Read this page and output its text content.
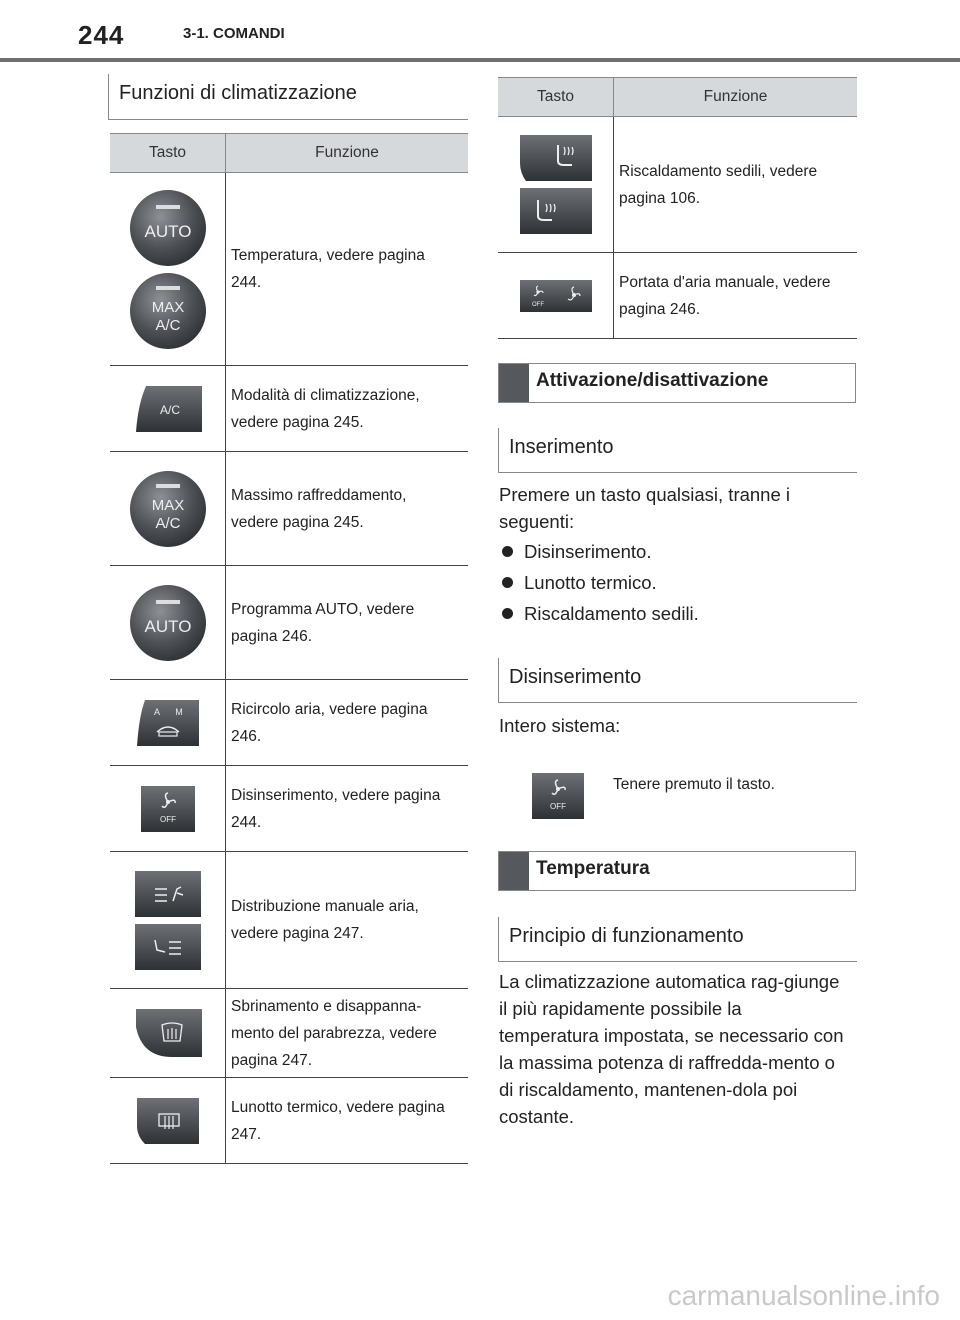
244	3-1. COMANDI
Funzioni di climatizzazione
Tasto	Funzione

AUTO
MAX
A/C	Temperatura, vedere pagina 244.

A/C	Modalità di climatizzazione, vedere pagina 245.

MAX
A/C	Massimo raffreddamento, vedere pagina 245.

AUTO	Programma AUTO, vedere pagina 246.

A M	Ricircolo aria, vedere pagina 246.

OFF	Disinserimento, vedere pagina 244.

	Distribuzione manuale aria, vedere pagina 247.

	Sbrinamento e disappanna-mento del parabrezza, vedere pagina 247.

	Lunotto termico, vedere pagina 247.
Tasto	Funzione

	Riscaldamento sedili, vedere pagina 106.

OFF	Portata d'aria manuale, vedere pagina 246.
Attivazione/disattivazione
Inserimento
Premere un tasto qualsiasi, tranne i seguenti:
Disinserimento.
Lunotto termico.
Riscaldamento sedili.
Disinserimento
Intero sistema:
OFF
Tenere premuto il tasto.
Temperatura
Principio di funzionamento
La climatizzazione automatica rag-giunge il più rapidamente possibile la temperatura impostata, se necessario con la massima potenza di raffredda-mento o di riscaldamento, mantenen-dola poi costante.
carmanualsonline.info
